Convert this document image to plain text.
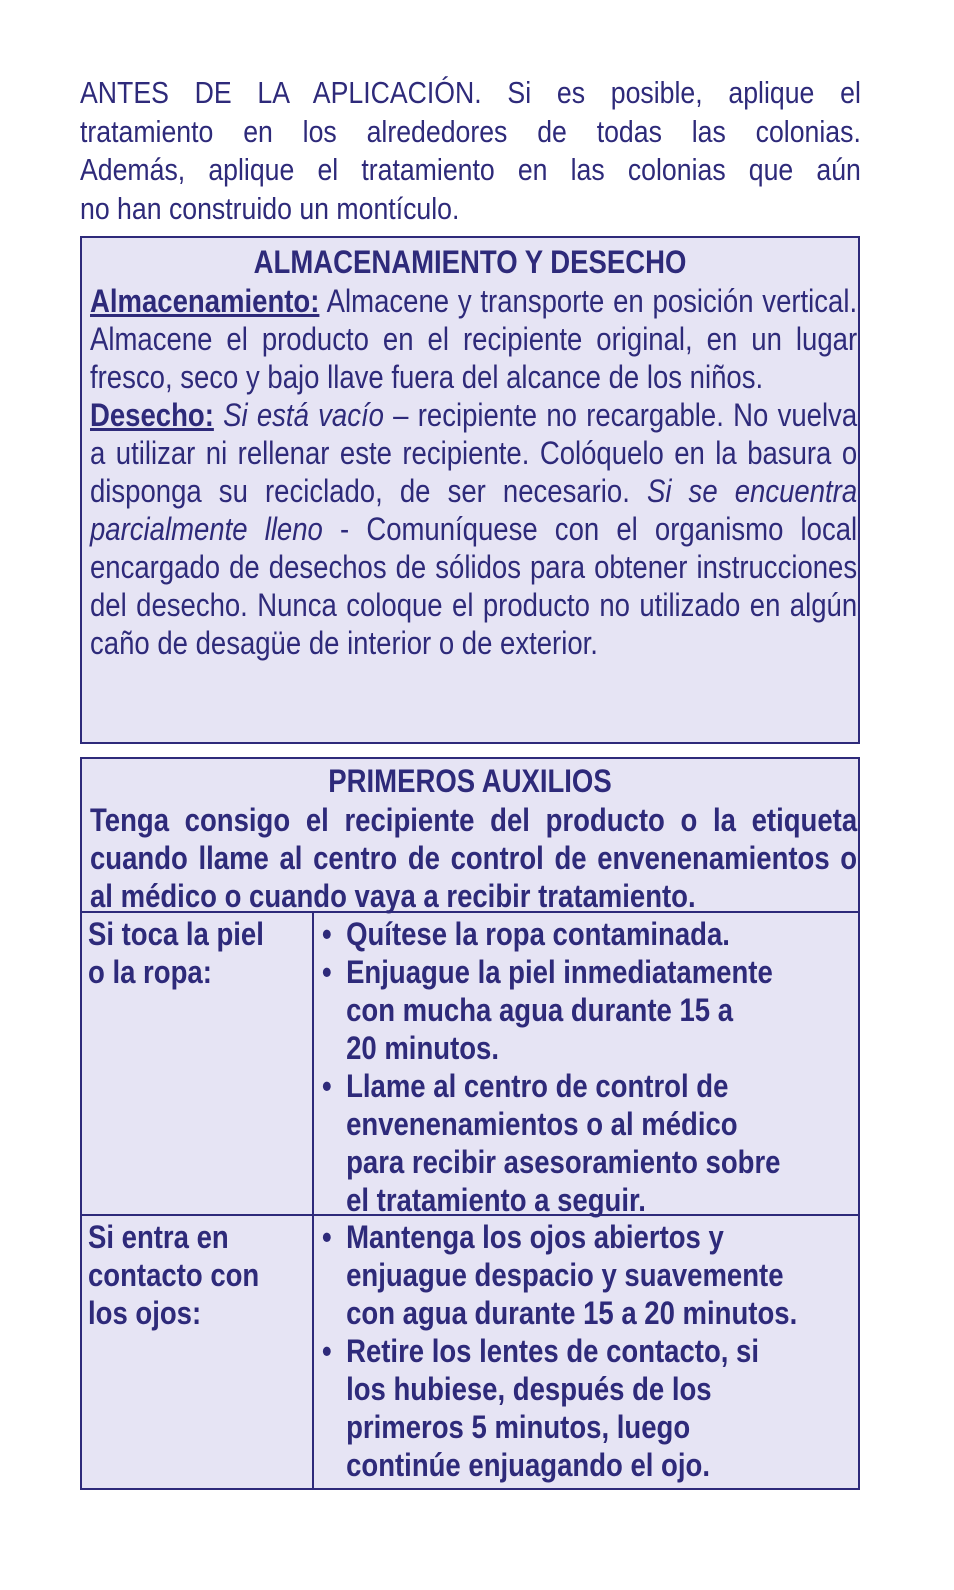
ANTES DE LA APLICACIÓN. Si es posible, aplique el
tratamiento en los alrededores de todas las colonias.
Además, aplique el tratamiento en las colonias que aún
no han construido un montículo.
ALMACENAMIENTO Y DESECHO

Almacenamiento: Almacene y transporte en posición vertical. Almacene el producto en el recipiente original, en un lugar fresco, seco y bajo llave fuera del alcance de los niños.

Desecho: Si está vacío – recipiente no recargable. No vuelva a utilizar ni rellenar este recipiente. Colóquelo en la basura o disponga su reciclado, de ser necesario. Si se encuentra parcialmente lleno - Comuníquese con el organismo local encargado de desechos de sólidos para obtener instrucciones del desecho. Nunca coloque el producto no utilizado en algún caño de desagüe de interior o de exterior.

PRIMEROS AUXILIOS
Tenga consigo el recipiente del producto o la etiqueta cuando llame al centro de control de envenenamientos o al médico o cuando vaya a recibir tratamiento.
Si toca la piel
o la ropa:
• Quítese la ropa contaminada.
• Enjuague la piel inmediatamente
con mucha agua durante 15 a
20 minutos.
• Llame al centro de control de
envenenamientos o al médico
para recibir asesoramiento sobre
el tratamiento a seguir.
Si entra en
contacto con
los ojos:
• Mantenga los ojos abiertos y
enjuague despacio y suavemente
con agua durante 15 a 20 minutos.
• Retire los lentes de contacto, si
los hubiese, después de los
primeros 5 minutos, luego
continúe enjuagando el ojo.
